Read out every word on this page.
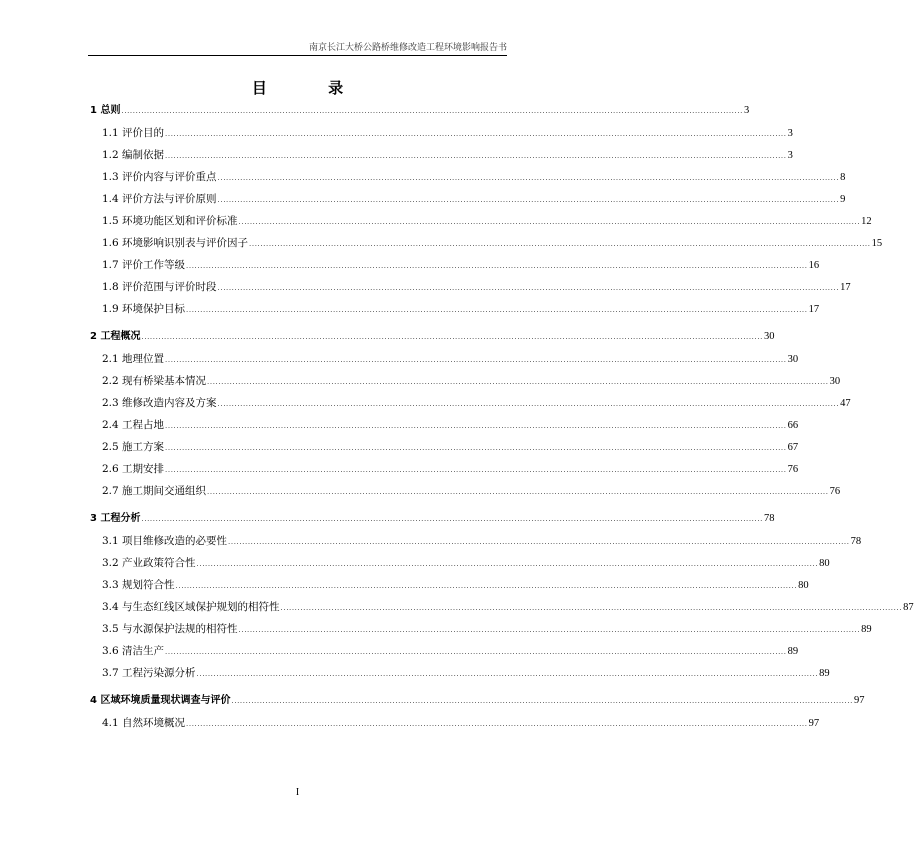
南京长江大桥公路桥维修改造工程环境影响报告书
目 录
1 总则 ............................................................................................................................................................................................................................ 3
1.1 评价目的 ............................................................................................................................................................................................................................ 3
1.2 编制依据 ............................................................................................................................................................................................................................ 3
1.3 评价内容与评价重点 ............................................................................................................................................................................................................................ 8
1.4 评价方法与评价原则 ............................................................................................................................................................................................................................ 9
1.5 环境功能区划和评价标准 ............................................................................................................................................................................................................................ 12
1.6 环境影响识别表与评价因子 ............................................................................................................................................................................................................................ 15
1.7 评价工作等级 ............................................................................................................................................................................................................................ 16
1.8 评价范围与评价时段 ............................................................................................................................................................................................................................ 17
1.9 环境保护目标 ............................................................................................................................................................................................................................ 17
2 工程概况 ............................................................................................................................................................................................................................ 30
2.1 地理位置 ............................................................................................................................................................................................................................ 30
2.2 现有桥梁基本情况 ............................................................................................................................................................................................................................ 30
2.3 维修改造内容及方案 ............................................................................................................................................................................................................................ 47
2.4 工程占地 ............................................................................................................................................................................................................................ 66
2.5 施工方案 ............................................................................................................................................................................................................................ 67
2.6 工期安排 ............................................................................................................................................................................................................................ 76
2.7 施工期间交通组织 ............................................................................................................................................................................................................................ 76
3 工程分析 ............................................................................................................................................................................................................................ 78
3.1 项目维修改造的必要性 ............................................................................................................................................................................................................................ 78
3.2 产业政策符合性 ............................................................................................................................................................................................................................ 80
3.3 规划符合性 ............................................................................................................................................................................................................................ 80
3.4 与生态红线区域保护规划的相符性 ............................................................................................................................................................................................................................ 87
3.5 与水源保护法规的相符性 ............................................................................................................................................................................................................................ 89
3.6 清洁生产 ............................................................................................................................................................................................................................ 89
3.7 工程污染源分析 ............................................................................................................................................................................................................................ 89
4 区域环境质量现状调查与评价 ............................................................................................................................................................................................................................ 97
4.1 自然环境概况 ............................................................................................................................................................................................................................ 97
I
